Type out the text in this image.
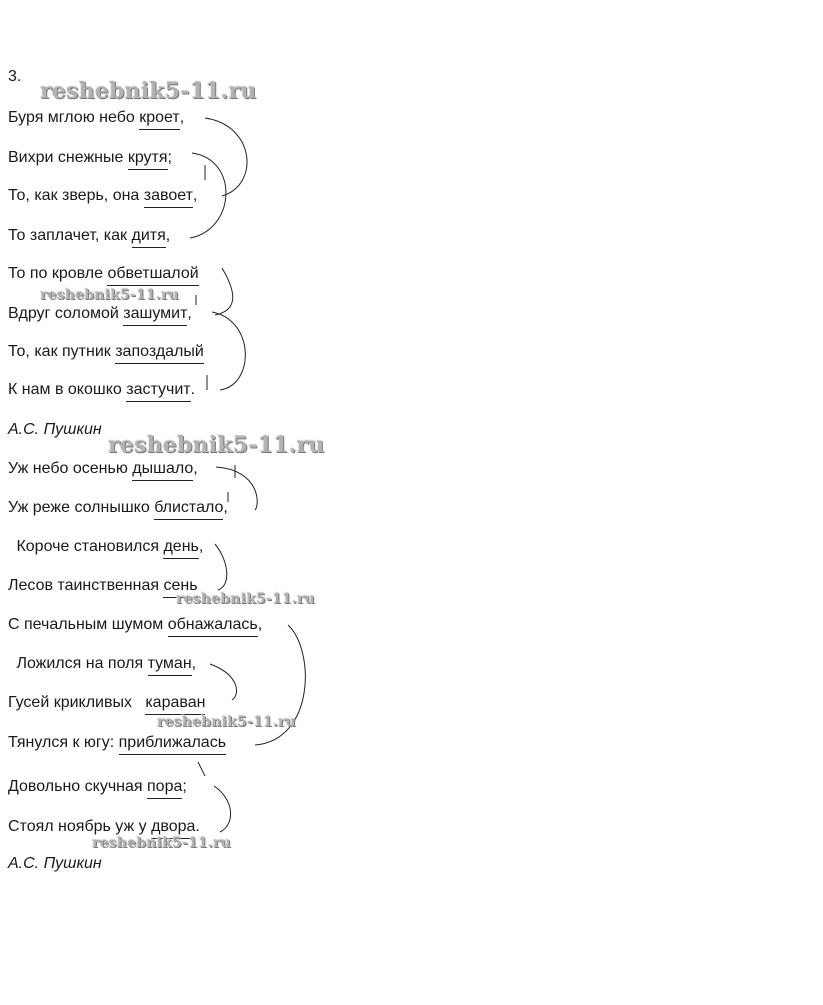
3.
Буря мглою небо кроет,
Вихри снежные крутя;
То, как зверь, она завоет,
То заплачет, как дитя,
То по кровле обветшалой
Вдруг соломой зашумит,
То, как путник запоздалый
К нам в окошко застучит.
А.С. Пушкин
Уж небо осенью дышало,
Уж реже солнышко блистало,
Короче становился день,
Лесов таинственная сень
С печальным шумом обнажалась,
Ложился на поля туман,
Гусей крикливых   караван
Тянулся к югу: приближалась
Довольно скучная пора;
Стоял ноябрь уж у двора.
А.С. Пушкин
reshebnik5-11.ru
reshebnik5-11.ru
reshebnik5-11.ru
reshebnik5-11.ru
reshebnik5-11.ru
reshebnik5-11.ru
